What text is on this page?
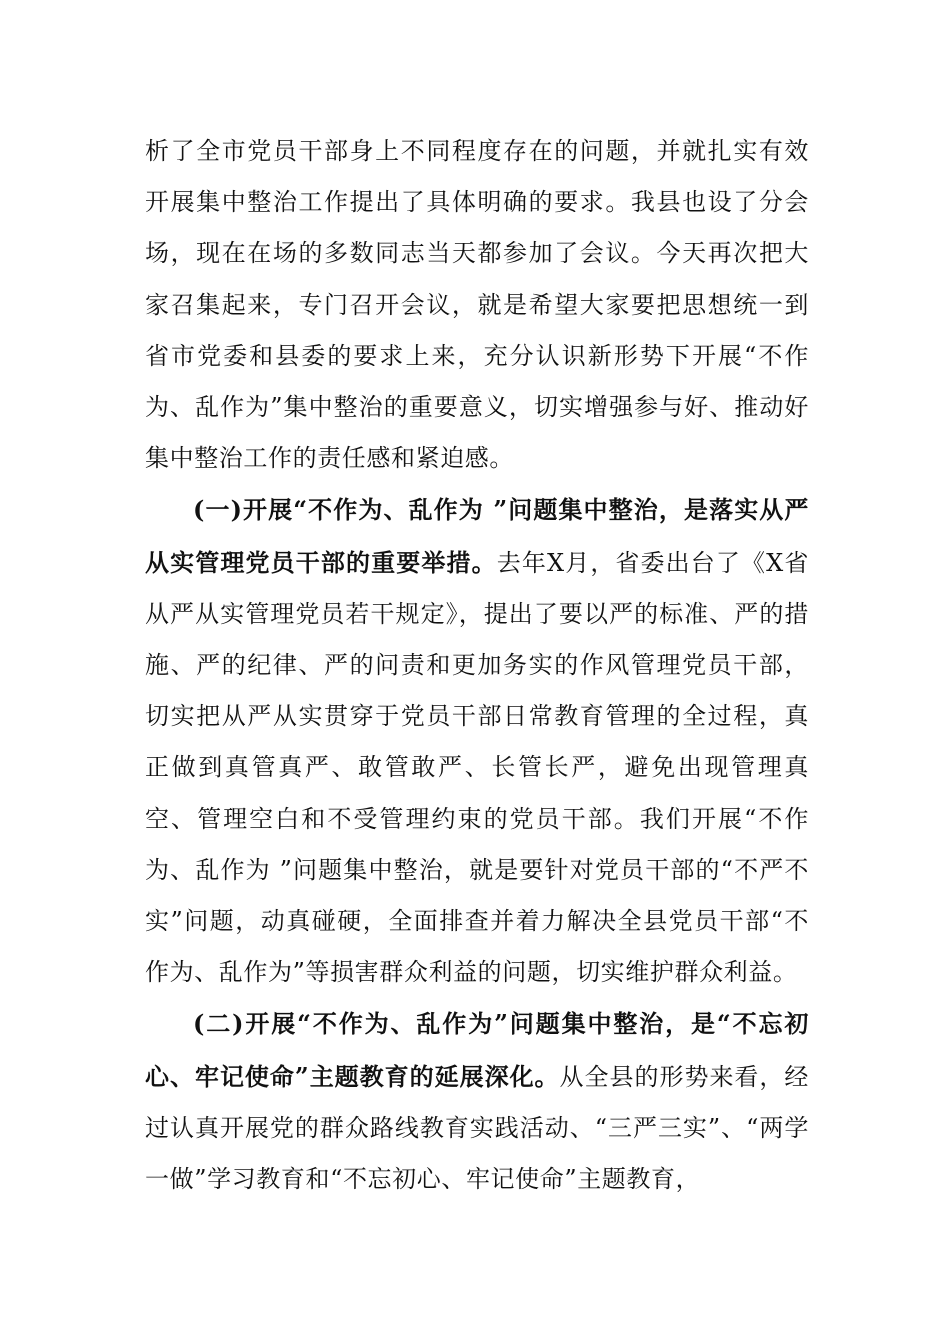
析了全市党员干部身上不同程度存在的问题，并就扎实有效开展集中整治工作提出了具体明确的要求。我县也设了分会场，现在在场的多数同志当天都参加了会议。今天再次把大家召集起来，专门召开会议，就是希望大家要把思想统一到省市党委和县委的要求上来，充分认识新形势下开展“不作为、乱作为”集中整治的重要意义，切实增强参与好、推动好集中整治工作的责任感和紧迫感。

(一)开展“不作为、乱作为 ”问题集中整治，是落实从严从实管理党员干部的重要举措。去年X月，省委出台了《X省从严从实管理党员若干规定》，提出了要以严的标准、严的措施、严的纪律、严的问责和更加务实的作风管理党员干部，切实把从严从实贯穿于党员干部日常教育管理的全过程，真正做到真管真严、敢管敢严、长管长严，避免出现管理真空、管理空白和不受管理约束的党员干部。我们开展“不作为、乱作为 ”问题集中整治，就是要针对党员干部的“不严不实”问题，动真碰硬，全面排查并着力解决全县党员干部“不作为、乱作为”等损害群众利益的问题，切实维护群众利益。

(二)开展“不作为、乱作为”问题集中整治，是“不忘初心、牢记使命”主题教育的延展深化。从全县的形势来看，经过认真开展党的群众路线教育实践活动、“三严三实”、“两学一做”学习教育和“不忘初心、牢记使命”主题教育，
